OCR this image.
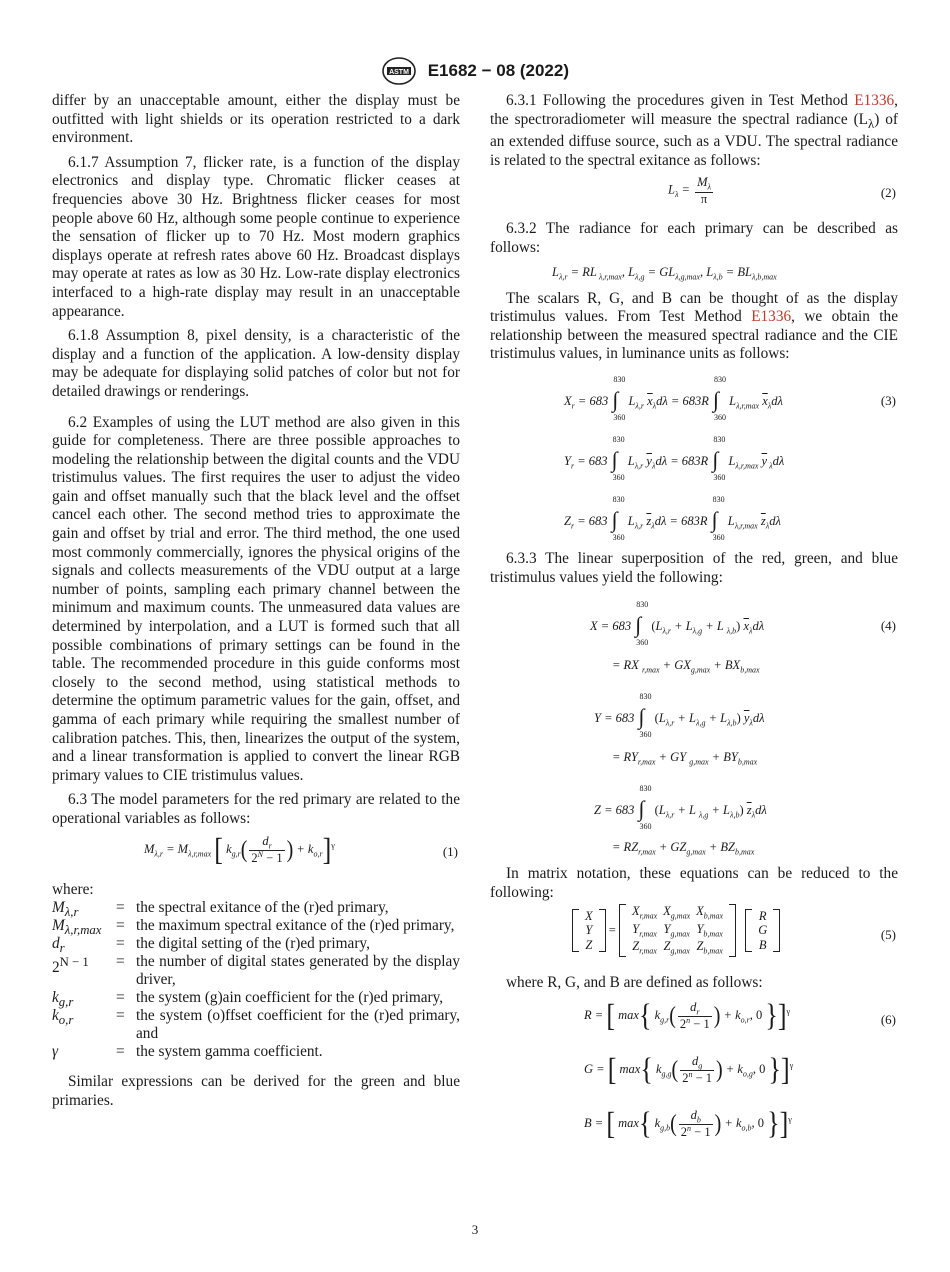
ASTM E1682 − 08 (2022)

differ by an unacceptable amount, either the display must be outfitted with light shields or its operation restricted to a dark environment.

6.1.7 Assumption 7, flicker rate, is a function of the display electronics and display type. Chromatic flicker ceases at frequencies above 30 Hz. Brightness flicker ceases for most people above 60 Hz, although some people continue to experience the sensation of flicker up to 70 Hz. Most modern graphics displays operate at refresh rates above 60 Hz. Broadcast displays may operate at rates as low as 30 Hz. Low-rate display electronics interfaced to a high-rate display may result in an unacceptable appearance.

6.1.8 Assumption 8, pixel density, is a characteristic of the display and a function of the application. A low-density display may be adequate for displaying solid patches of color but not for detailed drawings or renderings.

6.2 Examples of using the LUT method are also given in this guide for completeness. There are three possible approaches to modeling the relationship between the digital counts and the VDU tristimulus values. The first requires the user to adjust the video gain and offset manually such that the black level and the offset cancel each other. The second method tries to approximate the gain and offset by trial and error. The third method, the one used most commonly commercially, ignores the physical origins of the signals and collects measurements of the VDU output at a large number of points, sampling each primary channel between the minimum and maximum counts. The unmeasured data values are determined by interpolation, and a LUT is formed such that all possible combinations of primary settings can be found in the table. The recommended procedure in this guide conforms most closely to the second method, using statistical methods to determine the optimum parametric values for the gain, offset, and gamma of each primary while requiring the smallest number of calibration patches. This, then, linearizes the output of the system, and a linear transformation is applied to convert the linear RGB primary values to CIE tristimulus values.

6.3 The model parameters for the red primary are related to the operational variables as follows:

$M_{\lambda,r} = M_{\lambda,r,max}$ [ $k_{g,r}( \frac{d_r}{2^N - 1}$ ) + $k_{o,r}]^\gamma$	(1)

where:

$M_{\lambda,r}$ = the spectral exitance of the (r)ed primary,
$M_{\lambda,r,max}$ = the maximum spectral exitance of the (r)ed primary,
$d_r$	= the digital setting of the (r)ed primary,
$2^{N - 1}$ = the number of digital states generated by the display driver,
$k_{g,r}$	= the system (g)ain coefficient for the (r)ed primary,
$k_{o,r}$	= the system (o)ffset coefficient for the (r)ed primary, and
γ	= the system gamma coefficient.

Similar expressions can be derived for the green and blue primaries.

6.3.1 Following the procedures given in Test Method E1336, the spectroradiometer will measure the spectral radiance $(L_\lambda)$ of an extended diffuse source, such as a VDU. The spectral radiance is related to the spectral exitance as follows:

$L_\lambda = \frac{M_\lambda}{\pi}$	(2)

6.3.2 The radiance for each primary can be described as follows:

$L_{\lambda,r}$ = RL $_{\lambda,r,max}$, $L_{\lambda,g} = GL_{\lambda,g,max}$, $L_{\lambda,b} = BL_{\lambda,b,max}$

The scalars R, G, and B can be thought of as the display tristimulus values. From Test Method E1336, we obtain the relationship between the measured spectral radiance and the CIE tristimulus values, in luminance units as follows:

$X_r = 683$
830
∫
360
$L_{\lambda,r}$ $\overline{x}_\lambda d\lambda = 683R$
830
∫
360
$L_{\lambda,r,max}$ $\overline{x}_\lambda d\lambda$	(3)
$Y_r = 683$
830
∫
360
$L_{\lambda,r}$ $\overline{y}_\lambda d\lambda = 683R$
830
∫
360
$L_{\lambda,r,max}$ $\overline{y}$ $_\lambda$dλ
$Z_r = 683$
830
∫
360
$L_{\lambda,r}$ $\overline{z}_\lambda d\lambda = 683R$
830
∫
360
$L_{\lambda,r,max}$ $\overline{z}_\lambda d\lambda$

6.3.3 The linear superposition of the red, green, and blue tristimulus values yield the following:

X = 683
830
∫
360
($L_{\lambda,r} + L_{\lambda,g} + L$ $_{\lambda,b}$) $\overline{x}_\lambda d\lambda$	(4)
= RX $_{r,max} + GX_{g,max} + BX_{b,max}$
Y = 683
830
∫
360
$(L_{\lambda,r} + L_{\lambda,g} + L_{\lambda,b})$ $\overline{y}_\lambda d\lambda$
= $RY_{r,max}$ + GY $_{g,max} + BY_{b,max}$
Z = 683
830
∫
360
($L_{\lambda,r} + L$ $_{\lambda,g} + L_{\lambda,b}$) $\overline{z}_\lambda d\lambda$
= $RZ_{r,max} + GZ_{g,max} + BZ_{b,max}$

In matrix notation, these equations can be reduced to the following:

X
Y
Z
=
$X_{r,max}$	$X_{g,max}$	$X_{b,max}$
$Y_{r,max}$	$Y_{g,max}$	$Y_{b,max}$
$Z_{r,max}$	$Z_{g,max}$	$Z_{b,max}$

R
G
B
(5)

where R, G, and B are defined as follows:

R = [ max{ $k_{g,r}( \frac{d_r}{2^n - 1}$ ) + $k_{o,r}$, 0 }]$^\gamma$
(6)
G = [ max{ $k_{g,g}( \frac{d_g}{2^n - 1}$ ) + $k_{o,g}$, 0 }]$^\gamma$
B = [ max{ $k_{g,b}( \frac{d_b}{2^n - 1}$ ) + $k_{o,b}$, 0 }]$^\gamma$
3
